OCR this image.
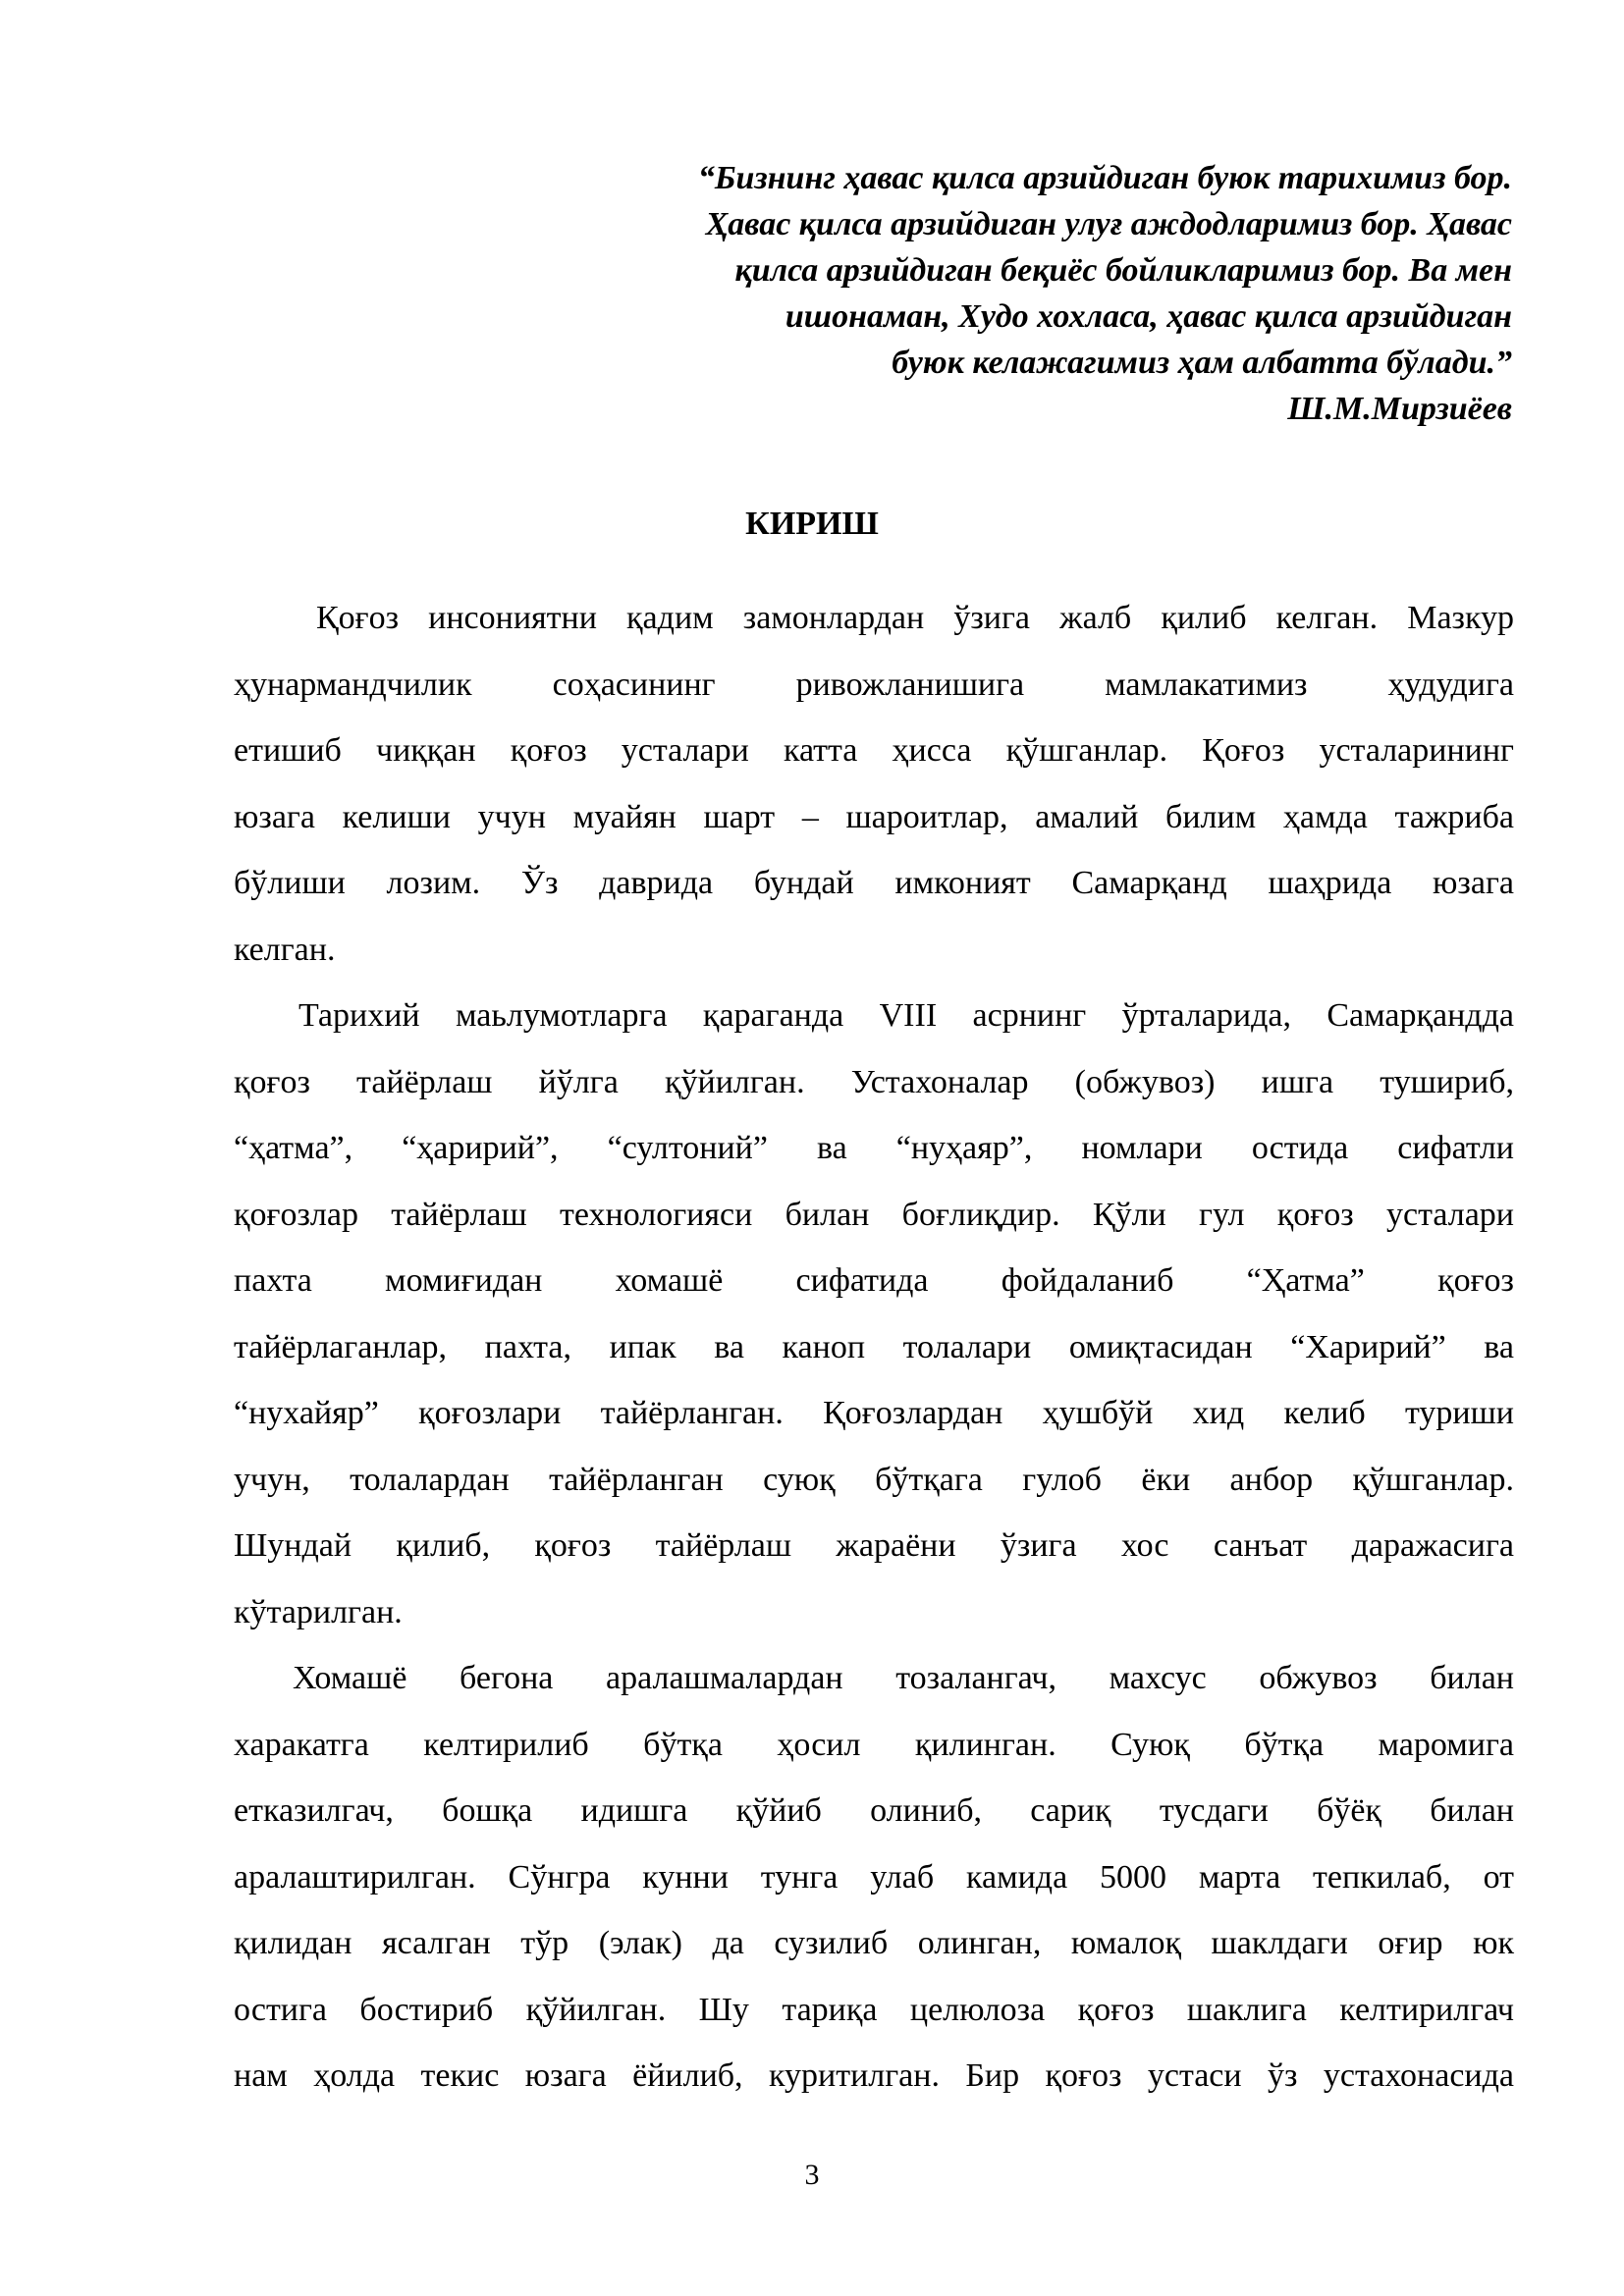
“Бизнинг ҳавас қилса арзийдиган буюк тарихимиз бор.
Ҳавас қилса арзийдиган улуғ аждодларимиз бор. Ҳавас
қилса арзийдиган беқиёс бойликларимиз бор. Ва мен
ишонаман, Худо хохласа, ҳавас қилса арзийдиган
буюк келажагимиз ҳам албатта бўлади.”
Ш.М.Мирзиёев
КИРИШ
Қоғоз инсониятни қадим замонлардан ўзига жалб қилиб келган. Мазкур
ҳунармандчилик соҳасининг ривожланишига мамлакатимиз ҳудудига
етишиб чиққан қоғоз усталари катта ҳисса қўшганлар. Қоғоз усталарининг
юзага келиши учун муайян шарт – шароитлар, амалий билим ҳамда тажриба
бўлиши лозим. Ўз даврида бундай имконият Самарқанд шаҳрида юзага
келган.
Тарихий маьлумотларга қараганда VIII асрнинг ўрталарида, Самарқандда
қоғоз тайёрлаш йўлга қўйилган. Устахоналар (обжувоз) ишга тушириб,
“ҳатма”, “ҳаририй”, “султоний” ва “нуҳаяр”, номлари остида сифатли
қоғозлар тайёрлаш технологияси билан боғлиқдир. Қўли гул қоғоз усталари
пахта момиғидан хомашё сифатида фойдаланиб “Ҳатма” қоғоз
тайёрлаганлар, пахта, ипак ва каноп толалари омиқтасидан “Харирий” ва
“нухайяр” қоғозлари тайёрланган. Қоғозлардан ҳушбўй хид келиб туриши
учун, толалардан тайёрланган суюқ бўтқага гулоб ёки анбор қўшганлар.
Шундай қилиб, қоғоз тайёрлаш жараёни ўзига хос санъат даражасига
кўтарилган.
Хомашё бегона аралашмалардан тозалангач, махсус обжувоз билан
харакатга келтирилиб бўтқа ҳосил қилинган. Суюқ бўтқа маромига
етказилгач, бошқа идишга қўйиб олиниб, сариқ тусдаги бўёқ билан
аралаштирилган. Сўнгра кунни тунга улаб камида 5000 марта тепкилаб, от
қилидан ясалган тўр (элак) да сузилиб олинган, юмалоқ шаклдаги оғир юк
остига бостириб қўйилган. Шу тариқа целюлоза қоғоз шаклига келтирилгач
нам ҳолда текис юзага ёйилиб, куритилган. Бир қоғоз устаси ўз устахонасида
3
